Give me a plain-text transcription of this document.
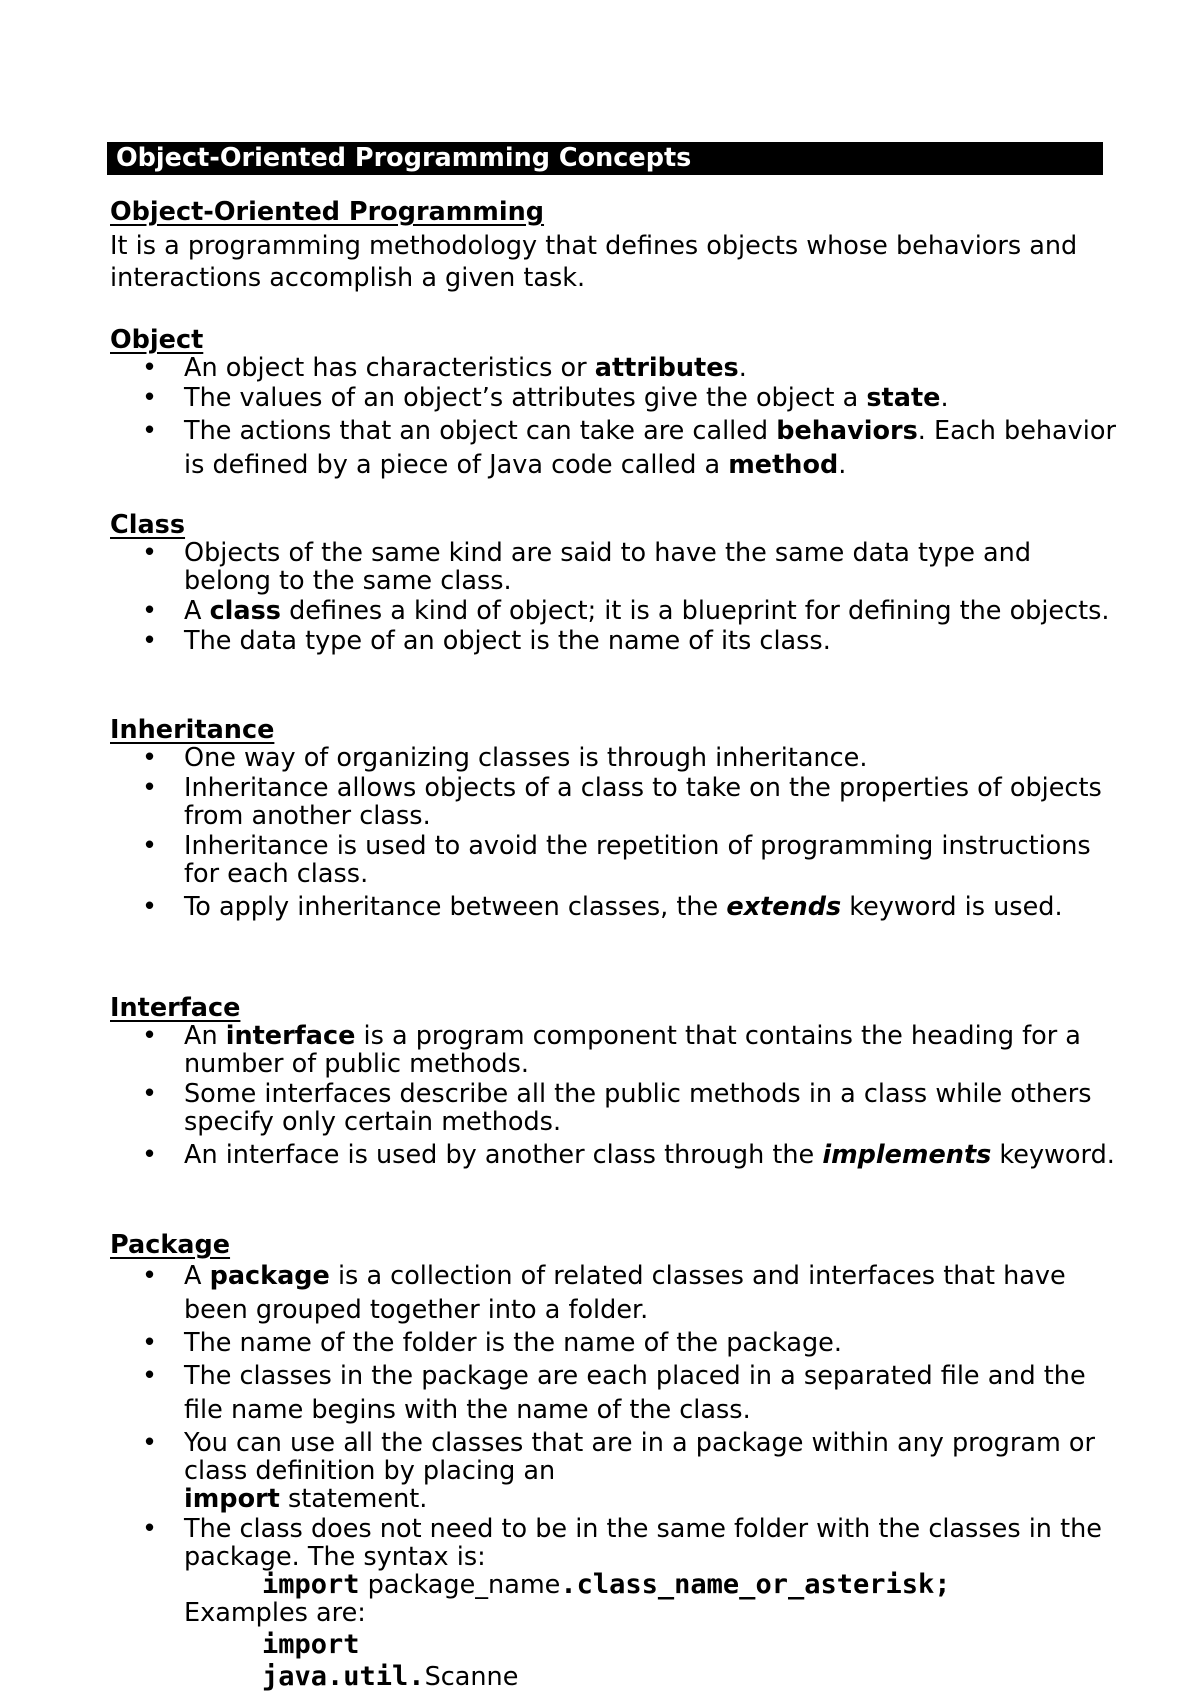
Object-Oriented Programming Concepts
Object-Oriented Programming
It is a programming methodology that defines objects whose behaviors and interactions accomplish a given task.
Object
• An object has characteristics or attributes.
• The values of an object’s attributes give the object a state.
• The actions that an object can take are called behaviors. Each behavior is defined by a piece of Java code called a method.
Class
• Objects of the same kind are said to have the same data type and belong to the same class.
• A class defines a kind of object; it is a blueprint for defining the objects.
• The data type of an object is the name of its class.
Inheritance
• One way of organizing classes is through inheritance.
• Inheritance allows objects of a class to take on the properties of objects from another class.
• Inheritance is used to avoid the repetition of programming instructions for each class.
• To apply inheritance between classes, the extends keyword is used.
Interface
• An interface is a program component that contains the heading for a number of public methods.
• Some interfaces describe all the public methods in a class while others specify only certain methods.
• An interface is used by another class through the implements keyword.
Package
• A package is a collection of related classes and interfaces that have been grouped together into a folder.
• The name of the folder is the name of the package.
• The classes in the package are each placed in a separated file and the file name begins with the name of the class.
• You can use all the classes that are in a package within any program or class definition by placing an
import statement.
• The class does not need to be in the same folder with the classes in the package. The syntax is:
import package_name.class_name_or_asterisk;
Examples are:
import
java.util.Scanne
